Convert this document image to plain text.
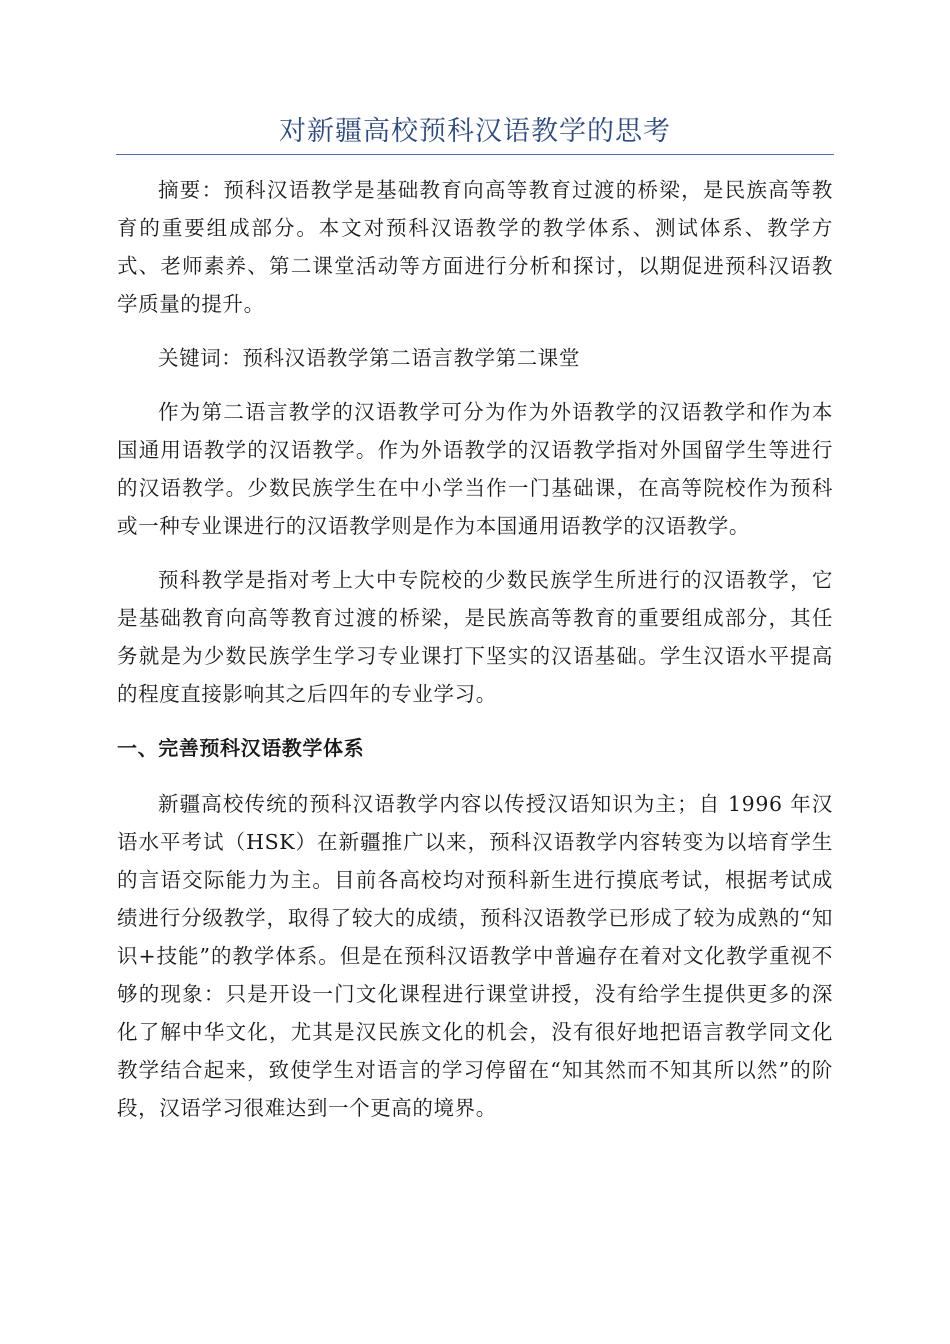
对新疆高校预科汉语教学的思考

摘要：预科汉语教学是基础教育向高等教育过渡的桥梁，是民族高等教育的重要组成部分。本文对预科汉语教学的教学体系、测试体系、教学方式、老师素养、第二课堂活动等方面进行分析和探讨，以期促进预科汉语教学质量的提升。

关键词：预科汉语教学第二语言教学第二课堂

作为第二语言教学的汉语教学可分为作为外语教学的汉语教学和作为本国通用语教学的汉语教学。作为外语教学的汉语教学指对外国留学生等进行的汉语教学。少数民族学生在中小学当作一门基础课，在高等院校作为预科或一种专业课进行的汉语教学则是作为本国通用语教学的汉语教学。

预科教学是指对考上大中专院校的少数民族学生所进行的汉语教学，它是基础教育向高等教育过渡的桥梁，是民族高等教育的重要组成部分，其任务就是为少数民族学生学习专业课打下坚实的汉语基础。学生汉语水平提高的程度直接影响其之后四年的专业学习。

一、完善预科汉语教学体系

新疆高校传统的预科汉语教学内容以传授汉语知识为主；自 1996 年汉语水平考试（HSK）在新疆推广以来，预科汉语教学内容转变为以培育学生的言语交际能力为主。目前各高校均对预科新生进行摸底考试，根据考试成绩进行分级教学，取得了较大的成绩，预科汉语教学已形成了较为成熟的“知识+技能”的教学体系。但是在预科汉语教学中普遍存在着对文化教学重视不够的现象：只是开设一门文化课程进行课堂讲授，没有给学生提供更多的深化了解中华文化，尤其是汉民族文化的机会，没有很好地把语言教学同文化教学结合起来，致使学生对语言的学习停留在“知其然而不知其所以然”的阶段，汉语学习很难达到一个更高的境界。
